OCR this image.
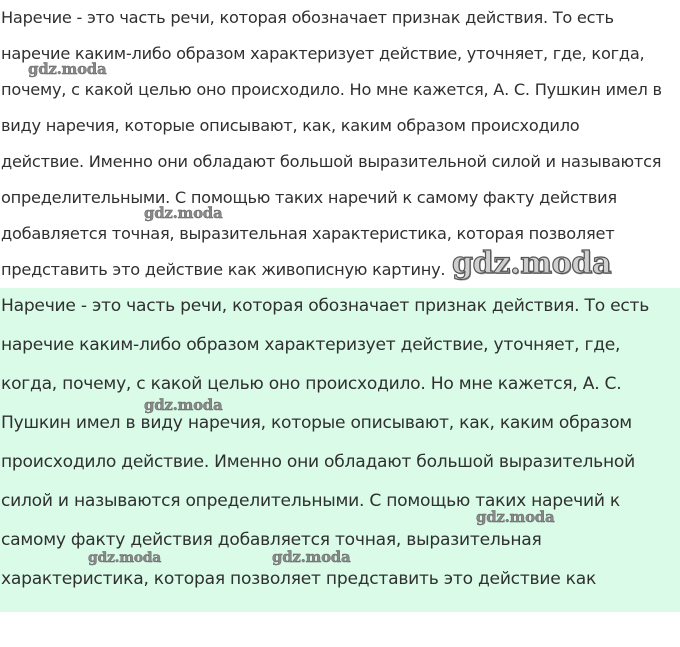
Наречие - это часть речи, которая обозначает признак действия. То есть
наречие каким-либо образом характеризует действие, уточняет, где, когда,
почему, с какой целью оно происходило. Но мне кажется, А. С. Пушкин имел в
виду наречия, которые описывают, как, каким образом происходило
действие. Именно они обладают большой выразительной силой и называются
определительными. С помощью таких наречий к самому факту действия
добавляется точная, выразительная характеристика, которая позволяет
представить это действие как живописную картину.
Наречие - это часть речи, которая обозначает признак действия. То есть
наречие каким-либо образом характеризует действие, уточняет, где,
когда, почему, с какой целью оно происходило. Но мне кажется, А. С.
Пушкин имел в виду наречия, которые описывают, как, каким образом
происходило действие. Именно они обладают большой выразительной
силой и называются определительными. С помощью таких наречий к
самому факту действия добавляется точная, выразительная
характеристика, которая позволяет представить это действие как
gdz.moda
gdz.moda
gdz.moda
gdz.moda
gdz.moda
gdz.moda
gdz.moda
